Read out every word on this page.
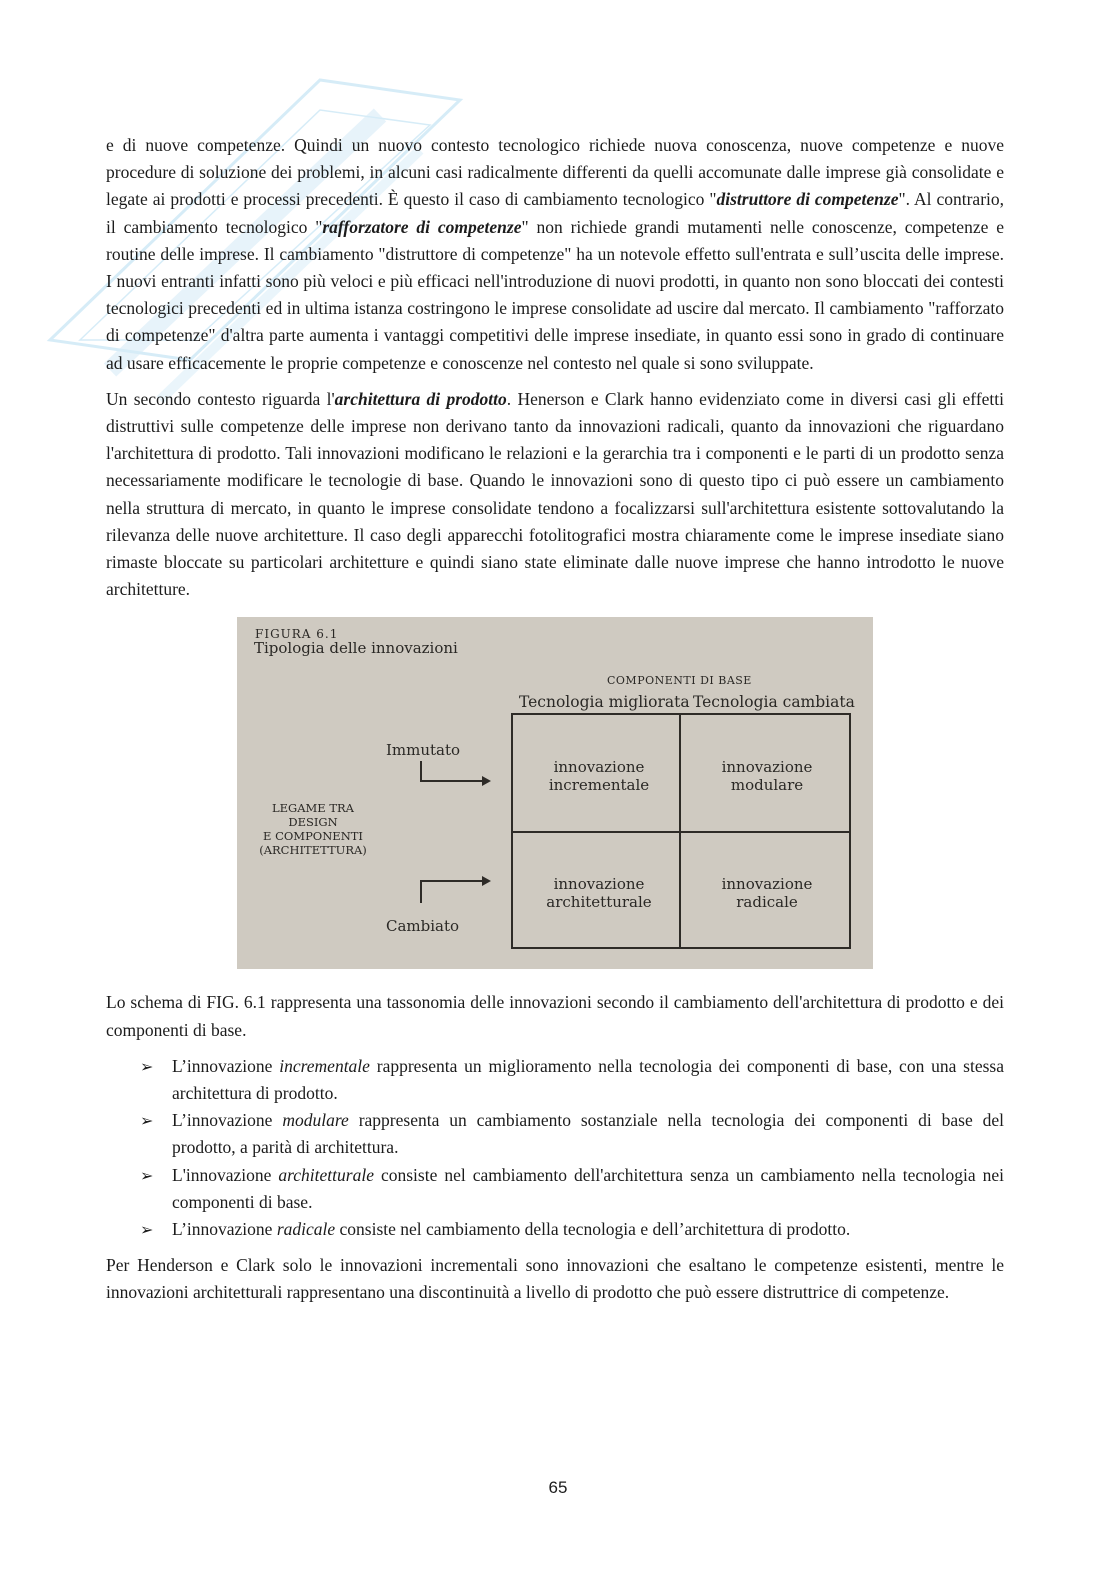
e di nuove competenze. Quindi un nuovo contesto tecnologico richiede nuova conoscenza, nuove competenze e nuove procedure di soluzione dei problemi, in alcuni casi radicalmente differenti da quelli accomunate dalle imprese già consolidate e legate ai prodotti e processi precedenti. È questo il caso di cambiamento tecnologico "distruttore di competenze". Al contrario, il cambiamento tecnologico "rafforzatore di competenze" non richiede grandi mutamenti nelle conoscenze, competenze e routine delle imprese. Il cambiamento "distruttore di competenze" ha un notevole effetto sull'entrata e sull’uscita delle imprese. I nuovi entranti infatti sono più veloci e più efficaci nell'introduzione di nuovi prodotti, in quanto non sono bloccati dei contesti tecnologici precedenti ed in ultima istanza costringono le imprese consolidate ad uscire dal mercato. Il cambiamento "rafforzato di competenze" d'altra parte aumenta i vantaggi competitivi delle imprese insediate, in quanto essi sono in grado di continuare ad usare efficacemente le proprie competenze e conoscenze nel contesto nel quale si sono sviluppate.

Un secondo contesto riguarda l'architettura di prodotto. Henerson e Clark hanno evidenziato come in diversi casi gli effetti distruttivi sulle competenze delle imprese non derivano tanto da innovazioni radicali, quanto da innovazioni che riguardano l'architettura di prodotto. Tali innovazioni modificano le relazioni e la gerarchia tra i componenti e le parti di un prodotto senza necessariamente modificare le tecnologie di base. Quando le innovazioni sono di questo tipo ci può essere un cambiamento nella struttura di mercato, in quanto le imprese consolidate tendono a focalizzarsi sull'architettura esistente sottovalutando la rilevanza delle nuove architetture. Il caso degli apparecchi fotolitografici mostra chiaramente come le imprese insediate siano rimaste bloccate su particolari architetture e quindi siano state eliminate dalle nuove imprese che hanno introdotto le nuove architetture.

FIGURA 6.1
Tipologia delle innovazioni
COMPONENTI DI BASE
Tecnologia migliorata Tecnologia cambiata
Immutato
Cambiato
LEGAME TRA
DESIGN
E COMPONENTI
(ARCHITETTURA)
innovazione
incrementale
innovazione
modulare
innovazione
architetturale
innovazione
radicale

Lo schema di FIG. 6.1 rappresenta una tassonomia delle innovazioni secondo il cambiamento dell'architettura di prodotto e dei componenti di base.

➢ L’innovazione incrementale rappresenta un miglioramento nella tecnologia dei componenti di base, con una stessa architettura di prodotto.
➢ L’innovazione modulare rappresenta un cambiamento sostanziale nella tecnologia dei componenti di base del prodotto, a parità di architettura.
➢ L'innovazione architetturale consiste nel cambiamento dell'architettura senza un cambiamento nella tecnologia nei componenti di base.
➢ L’innovazione radicale consiste nel cambiamento della tecnologia e dell’architettura di prodotto.

Per Henderson e Clark solo le innovazioni incrementali sono innovazioni che esaltano le competenze esistenti, mentre le innovazioni architetturali rappresentano una discontinuità a livello di prodotto che può essere distruttrice di competenze.

65
